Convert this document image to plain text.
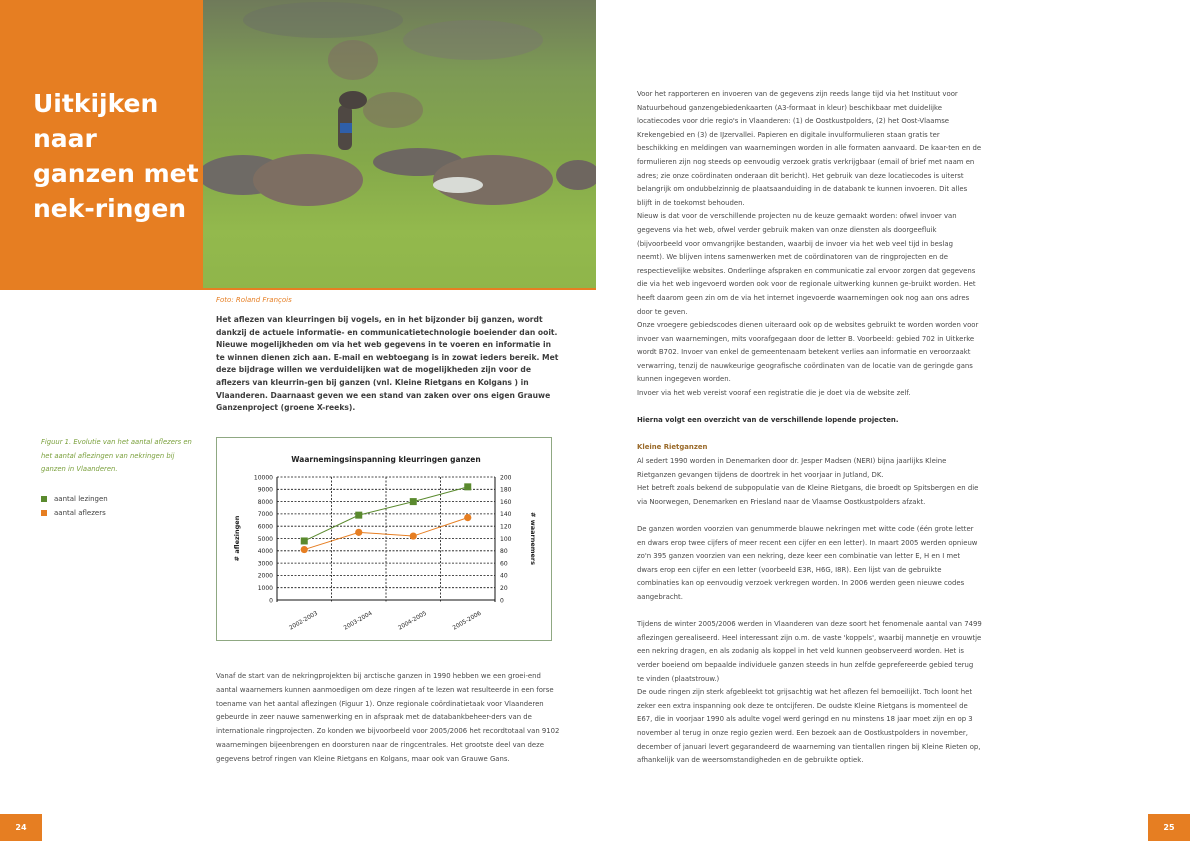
Uitkijken naar ganzen met nek-ringen
Foto: Roland François

Het aflezen van kleurringen bij vogels, en in het bijzonder bij ganzen, wordt dankzij de actuele informatie- en communicatietechnologie boeiender dan ooit. Nieuwe mogelijkheden om via het web gegevens in te voeren en informatie in te winnen dienen zich aan. E-mail en webtoegang is in zowat ieders bereik. Met deze bijdrage willen we verduidelijken wat de mogelijkheden zijn voor de aflezers van kleurrin-gen bij ganzen (vnl. Kleine Rietgans en Kolgans ) in Vlaanderen. Daarnaast geven we een stand van zaken over ons eigen Grauwe Ganzenproject (groene X-reeks).

Figuur 1. Evolutie van het aantal aflezers en het aantal aflezingen van nekringen bij ganzen in Vlaanderen.

aantal lezingen
aantal aflezers
Waarnemingsinspanning kleurringen ganzen
0	0
1000	20
2000	40
3000	60
4000	80
5000	100
6000	120
7000	140
8000	160
9000	180
10000	200
2002-2003	2003-2004	2004-2005	2005-2006
# aflezingen	# waarnemers

Vanaf de start van de nekringprojekten bij arctische ganzen in 1990 hebben we een groei-end aantal waarnemers kunnen aanmoedigen om deze ringen af te lezen wat resulteerde in een forse toename van het aantal aflezingen (Figuur 1). Onze regionale coördinatietaak voor Vlaanderen gebeurde in zeer nauwe samenwerking en in afspraak met de databankbeheer-ders van de internationale ringprojecten. Zo konden we bijvoorbeeld voor 2005/2006 het recordtotaal van 9102 waarnemingen bijeenbrengen en doorsturen naar de ringcentrales. Het grootste deel van deze gegevens betrof ringen van Kleine Rietgans en Kolgans, maar ook van Grauwe Gans.

Voor het rapporteren en invoeren van de gegevens zijn reeds lange tijd via het Instituut voor Natuurbehoud ganzengebiedenkaarten (A3-formaat in kleur) beschikbaar met duidelijke locatiecodes voor drie regio's in Vlaanderen: (1) de Oostkustpolders, (2) het Oost-Vlaamse Krekengebied en (3) de IJzervallei. Papieren en digitale invulformulieren staan gratis ter beschikking en meldingen van waarnemingen worden in alle formaten aanvaard. De kaar-ten en de formulieren zijn nog steeds op eenvoudig verzoek gratis verkrijgbaar (email of brief met naam en adres; zie onze coördinaten onderaan dit bericht). Het gebruik van deze locatiecodes is uiterst belangrijk om ondubbelzinnig de plaatsaanduiding in de databank te kunnen invoeren. Dit alles blijft in de toekomst behouden.

Nieuw is dat voor de verschillende projecten nu de keuze gemaakt worden: ofwel invoer van gegevens via het web, ofwel verder gebruik maken van onze diensten als doorgeefluik (bijvoorbeeld voor omvangrijke bestanden, waarbij de invoer via het web veel tijd in beslag neemt). We blijven intens samenwerken met de coördinatoren van de ringprojecten en de respectievelijke websites. Onderlinge afspraken en communicatie zal ervoor zorgen dat gegevens die via het web ingevoerd worden ook voor de regionale uitwerking kunnen ge-bruikt worden. Het heeft daarom geen zin om de via het internet ingevoerde waarnemingen ook nog aan ons adres door te geven.

Onze vroegere gebiedscodes dienen uiteraard ook op de websites gebruikt te worden worden voor invoer van waarnemingen, mits voorafgegaan door de letter B. Voorbeeld: gebied 702 in Uitkerke wordt B702. Invoer van enkel de gemeentenaam betekent verlies aan informatie en veroorzaakt verwarring, tenzij de nauwkeurige geografische coördinaten van de locatie van de geringde gans kunnen ingegeven worden.

Invoer via het web vereist vooraf een registratie die je doet via de website zelf.

Hierna volgt een overzicht van de verschillende lopende projecten.

Kleine Rietganzen

Al sedert 1990 worden in Denemarken door dr. Jesper Madsen (NERI) bijna jaarlijks Kleine Rietganzen gevangen tijdens de doortrek in het voorjaar in Jutland, DK.

Het betreft zoals bekend de subpopulatie van de Kleine Rietgans, die broedt op Spitsbergen en die via Noorwegen, Denemarken en Friesland naar de Vlaamse Oostkustpolders afzakt.

De ganzen worden voorzien van genummerde blauwe nekringen met witte code (één grote letter en dwars erop twee cijfers of meer recent een cijfer en een letter). In maart 2005 werden opnieuw zo'n 395 ganzen voorzien van een nekring, deze keer een combinatie van letter E, H en I met dwars erop een cijfer en een letter (voorbeeld E3R, H6G, I8R). Een lijst van de gebruikte combinaties kan op eenvoudig verzoek verkregen worden. In 2006 werden geen nieuwe codes aangebracht.

Tijdens de winter 2005/2006 werden in Vlaanderen van deze soort het fenomenale aantal van 7499 aflezingen gerealiseerd. Heel interessant zijn o.m. de vaste 'koppels', waarbij mannetje en vrouwtje een nekring dragen, en als zodanig als koppel in het veld kunnen geobserveerd worden. Het is verder boeiend om bepaalde individuele ganzen steeds in hun zelfde geprefereerde gebied terug te vinden (plaatstrouw.)

De oude ringen zijn sterk afgebleekt tot grijsachtig wat het aflezen fel bemoeilijkt. Toch loont het zeker een extra inspanning ook deze te ontcijferen. De oudste Kleine Rietgans is momenteel de E67, die in voorjaar 1990 als adulte vogel werd geringd en nu minstens 18 jaar moet zijn en op 3 november al terug in onze regio gezien werd. Een bezoek aan de Oostkustpolders in november, december of januari levert gegarandeerd de waarneming van tientallen ringen bij Kleine Rieten op, afhankelijk van de weersomstandigheden en de gebruikte optiek.

24	25
